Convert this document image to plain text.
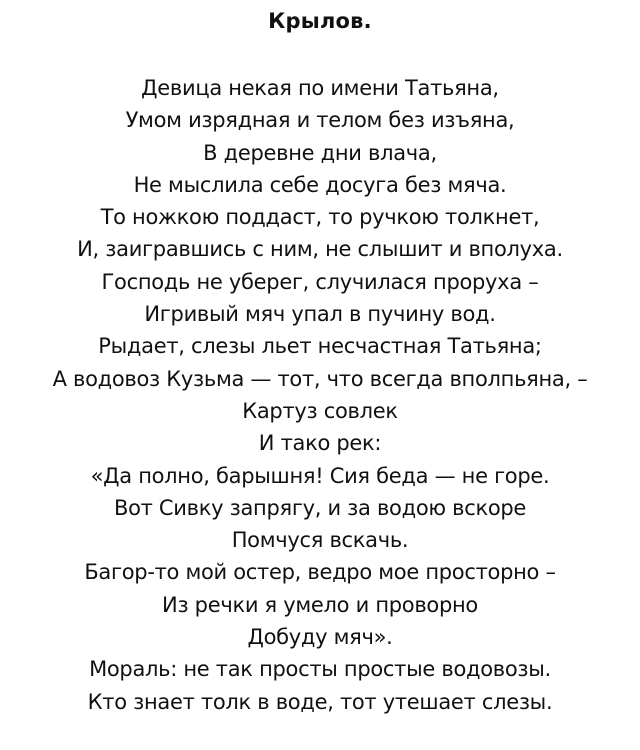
Крылов.
Девица некая по имени Татьяна,
Умом изрядная и телом без изъяна,
В деревне дни влача,
Не мыслила себе досуга без мяча.
То ножкою поддаст, то ручкою толкнет,
И, заигравшись с ним, не слышит и вполуха.
Господь не уберег, случилася проруха –
Игривый мяч упал в пучину вод.
Рыдает, слезы льет несчастная Татьяна;
А водовоз Кузьма — тот, что всегда вполпьяна, –
Картуз совлек
И тако рек:
«Да полно, барышня! Сия беда — не горе.
Вот Сивку запрягу, и за водою вскоре
Помчуся вскачь.
Багор-то мой остер, ведро мое просторно –
Из речки я умело и проворно
Добуду мяч».
Мораль: не так просты простые водовозы.
Кто знает толк в воде, тот утешает слезы.
